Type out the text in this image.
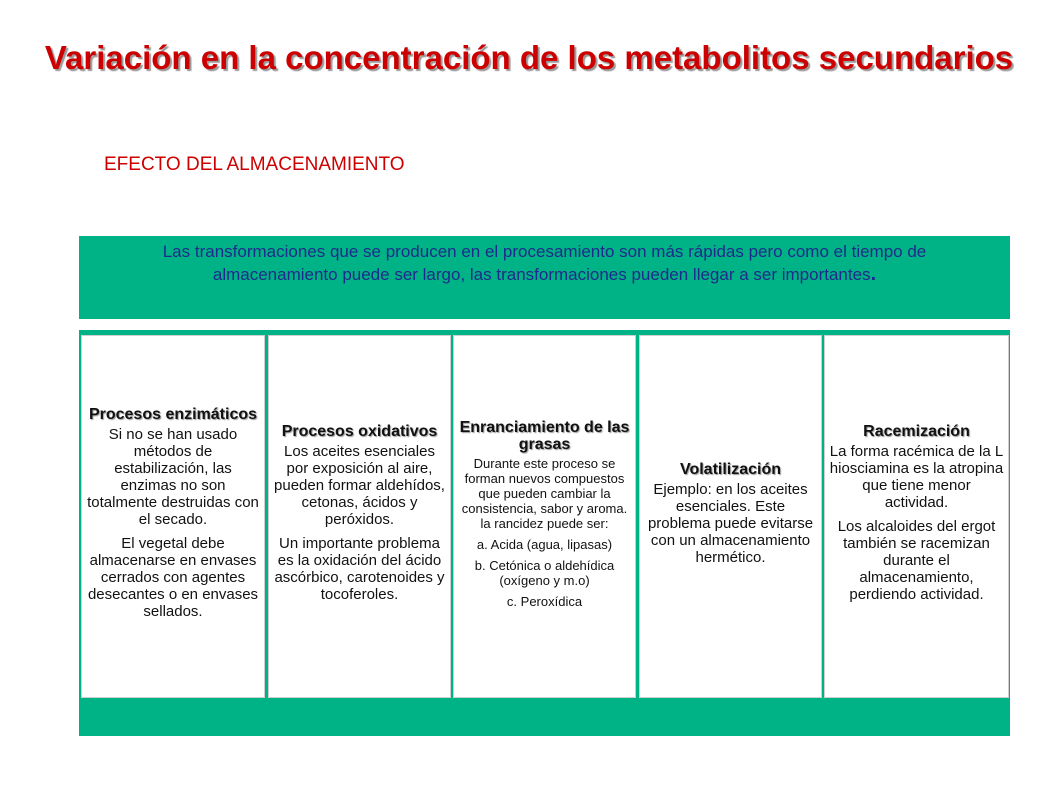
Variación en la concentración de los metabolitos secundarios
EFECTO DEL ALMACENAMIENTO
Las transformaciones que se producen en el procesamiento son más rápidas pero como el tiempo de almacenamiento puede ser largo, las transformaciones pueden llegar a ser importantes.
Procesos enzimáticos

Si no se han usado métodos de estabilización, las enzimas no son totalmente destruidas con el secado.

El vegetal debe almacenarse en envases cerrados con agentes desecantes o en envases sellados.

Procesos oxidativos

Los aceites esenciales por exposición al aire, pueden formar aldehídos, cetonas, ácidos y peróxidos.

Un importante problema es la oxidación del ácido ascórbico, carotenoides y tocoferoles.

Enranciamiento de las grasas

Durante este proceso se forman nuevos compuestos que pueden cambiar la consistencia, sabor y aroma. la rancidez puede ser:

a. Acida (agua, lipasas)

b. Cetónica o aldehídica (oxígeno y m.o)

c. Peroxídica

Volatilización

Ejemplo: en los aceites esenciales. Este problema puede evitarse con un almacenamiento hermético.

Racemización

La forma racémica de la L hiosciamina es la atropina que tiene menor actividad.

Los alcaloides del ergot también se racemizan durante el almacenamiento, perdiendo actividad.
